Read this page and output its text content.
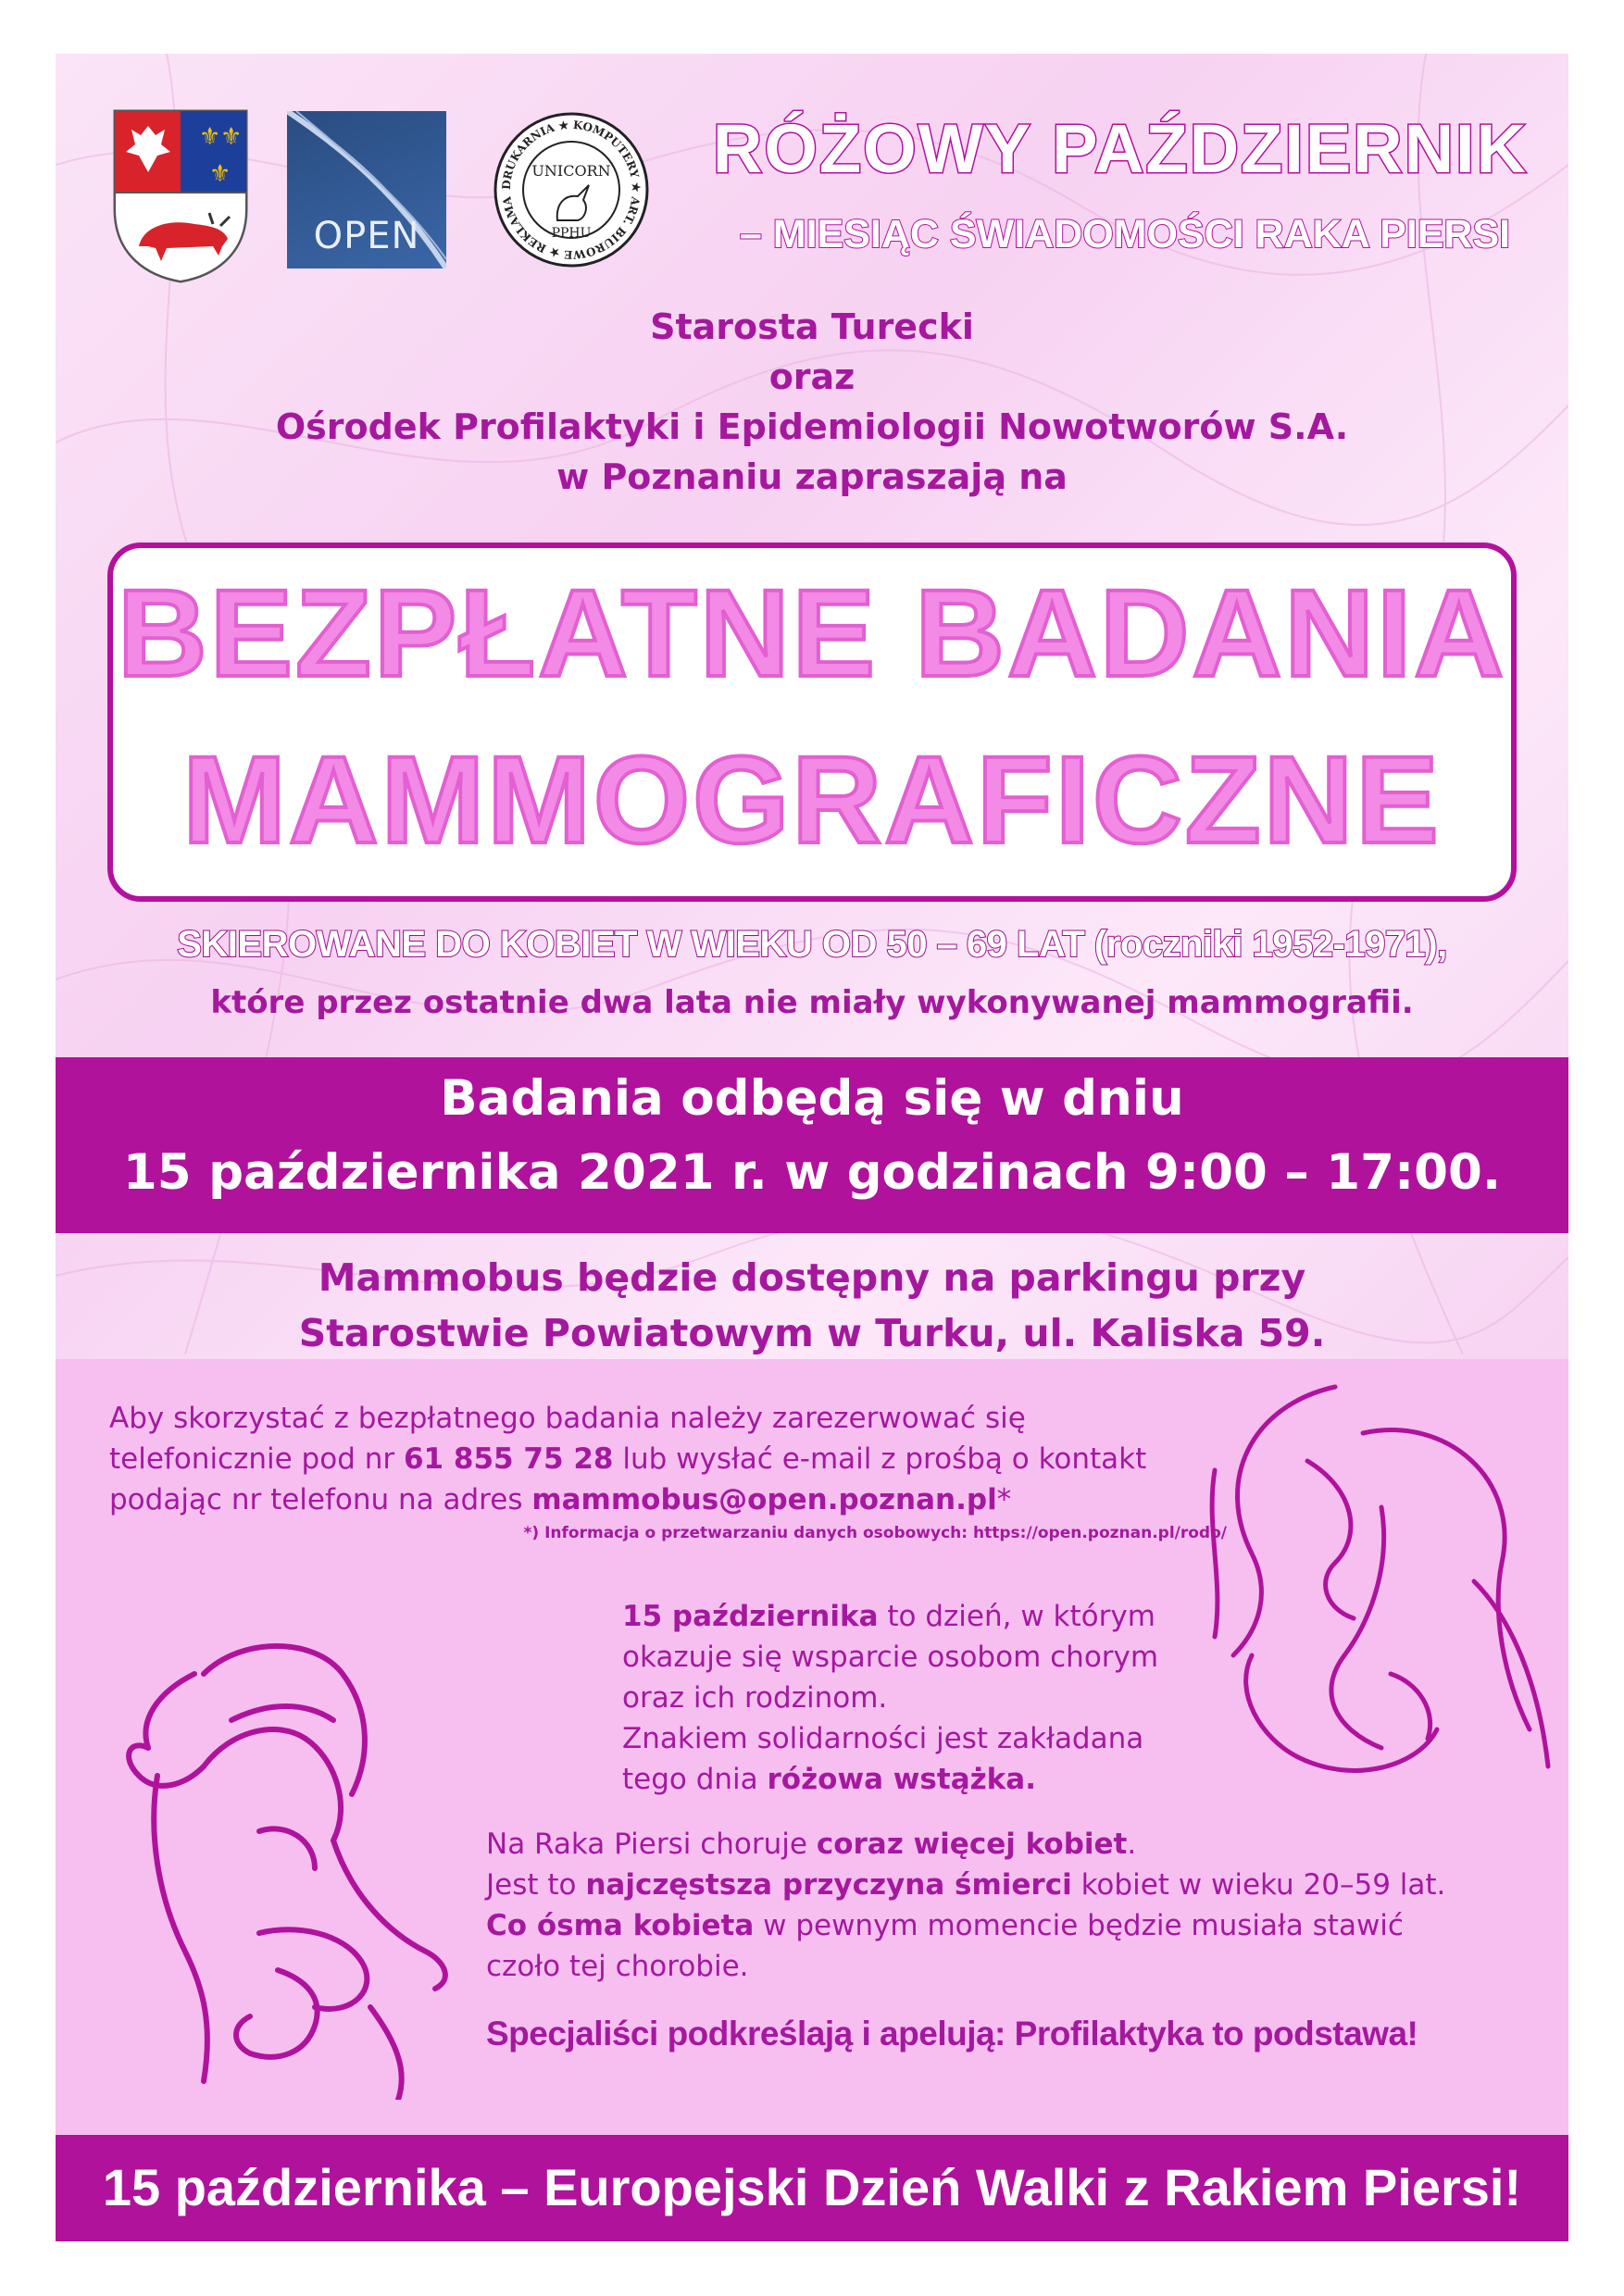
⚜ ⚜
⚜
OPEN
DRUKARNIA ★ KOMPUTERY ★ ART. BIUROWE ★ REKLAMA
UNICORN
PPHU
RÓŻOWY PAŹDZIERNIK
– MIESIĄC ŚWIADOMOŚCI RAKA PIERSI
Starosta Turecki
oraz
Ośrodek Profilaktyki i Epidemiologii Nowotworów S.A.
w Poznaniu zapraszają na
BEZPŁATNE BADANIA
MAMMOGRAFICZNE
SKIEROWANE DO KOBIET W WIEKU OD 50 – 69 LAT (roczniki 1952-1971),
które przez ostatnie dwa lata nie miały wykonywanej mammografii.
Badania odbędą się w dniu
15 października 2021 r. w godzinach 9:00 – 17:00.
Mammobus będzie dostępny na parkingu przy
Starostwie Powiatowym w Turku, ul. Kaliska 59.
Aby skorzystać z bezpłatnego badania należy zarezerwować się
telefonicznie pod nr 61 855 75 28 lub wysłać e-mail z prośbą o kontakt
podając nr telefonu na adres mammobus@open.poznan.pl*
*) Informacja o przetwarzaniu danych osobowych: https://open.poznan.pl/rodo/
15 października to dzień, w którym
okazuje się wsparcie osobom chorym
oraz ich rodzinom.
Znakiem solidarności jest zakładana
tego dnia różowa wstążka.
Na Raka Piersi choruje coraz więcej kobiet.
Jest to najczęstsza przyczyna śmierci kobiet w wieku 20–59 lat.
Co ósma kobieta w pewnym momencie będzie musiała stawić
czoło tej chorobie.
Specjaliści podkreślają i apelują: Profilaktyka to podstawa!
15 października – Europejski Dzień Walki z Rakiem Piersi!
